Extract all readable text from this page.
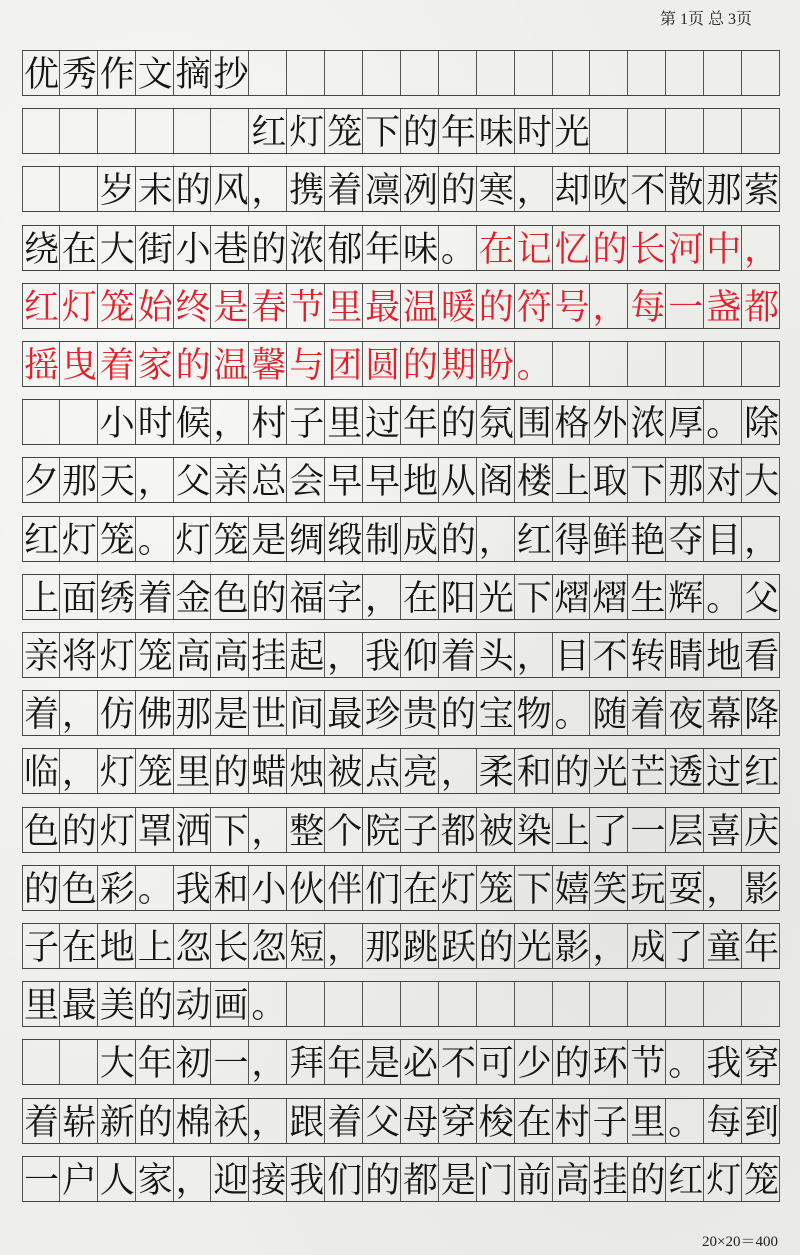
第 1页 总 3页
优秀作文摘抄
红灯笼下的年味时光
岁末的风，携着凛冽的寒，却吹不散那萦
绕在大街小巷的浓郁年味。 在记忆的长河中，
红灯笼始终是春节里最温暖的符号，每一盏都
摇曳着家的温馨与团圆的期盼。
小时候，村子里过年的氛围格外浓厚。除
夕那天，父亲总会早早地从阁楼上取下那对大
红灯笼。灯笼是绸缎制成的，红得鲜艳夺目，
上面绣着金色的福字，在阳光下熠熠生辉。父
亲将灯笼高高挂起，我仰着头，目不转睛地看
着，仿佛那是世间最珍贵的宝物。随着夜幕降
临，灯笼里的蜡烛被点亮，柔和的光芒透过红
色的灯罩洒下，整个院子都被染上了一层喜庆
的色彩。我和小伙伴们在灯笼下嬉笑玩耍，影
子在地上忽长忽短，那跳跃的光影，成了童年
里最美的动画。
大年初一，拜年是必不可少的环节。我穿
着崭新的棉袄，跟着父母穿梭在村子里。每到
一户人家，迎接我们的都是门前高挂的红灯笼
20×20＝400
